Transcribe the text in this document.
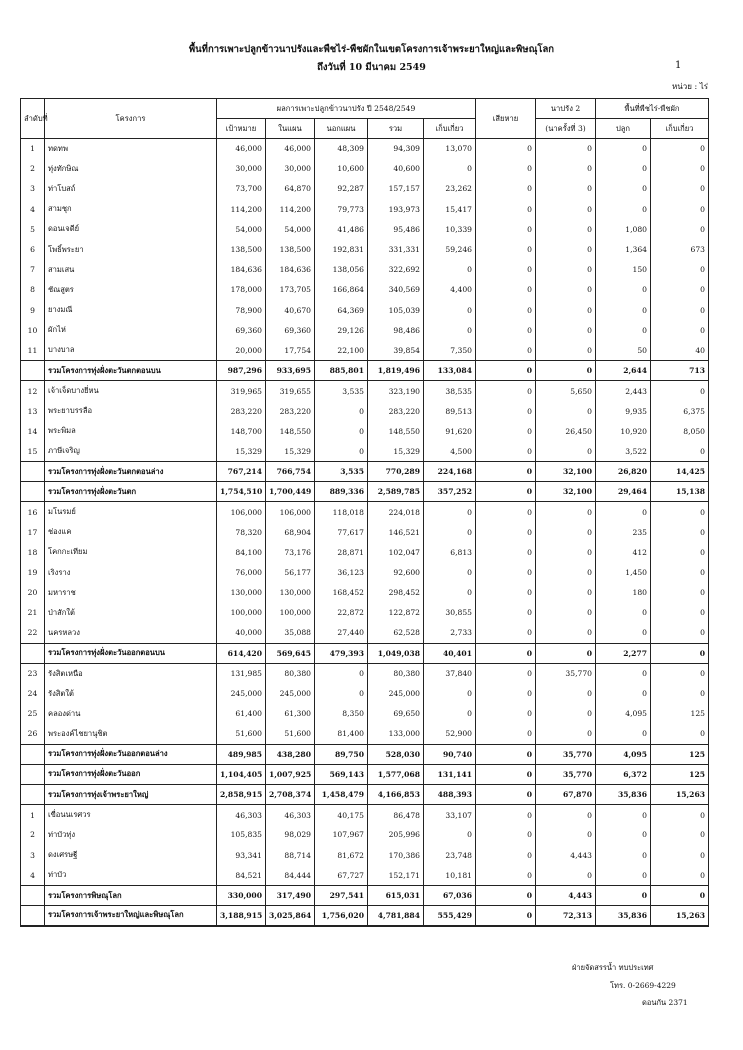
พื้นที่การเพาะปลูกข้าวนาปรังและพืชไร่-พืชผักในเขตโครงการเจ้าพระยาใหญ่และพิษณุโลก
ถึงวันที่ 10 มีนาคม 2549	1
หน่วย : ไร่
ลำดับที่	โครงการ	ผลการเพาะปลูกข้าวนาปรัง ปี 2548/2549					เสียหาย	นาปรัง 2	พื้นที่พืชไร่-พืชผัก	
		เป้าหมาย	ในแผน	นอกแผน	รวม	เก็บเกี่ยว		(นาครั้งที่ 3)	ปลูก	เก็บเกี่ยว
1	ทดทพ	46,000	46,000	48,309	94,309	13,070	0	0	0	0
2	ทุ่งทักษิณ	30,000	30,000	10,600	40,600	0	0	0	0	0
3	ท่าโบสถ์	73,700	64,870	92,287	157,157	23,262	0	0	0	0
4	สามชุก	114,200	114,200	79,773	193,973	15,417	0	0	0	0
5	ดอนเจดีย์	54,000	54,000	41,486	95,486	10,339	0	0	1,080	0
6	โพธิ์พระยา	138,500	138,500	192,831	331,331	59,246	0	0	1,364	673
7	สามเสน	184,636	184,636	138,056	322,692	0	0	0	150	0
8	ชัณสูตร	178,000	173,705	166,864	340,569	4,400	0	0	0	0
9	ยางมณี	78,900	40,670	64,369	105,039	0	0	0	0	0
10	ผักไห่	69,360	69,360	29,126	98,486	0	0	0	0	0
11	บางบาล	20,000	17,754	22,100	39,854	7,350	0	0	50	40
	รวมโครงการทุ่งฝั่งตะวันตกตอนบน	987,296	933,695	885,801	1,819,496	133,084	0	0	2,644	713
12	เจ้าเจ็ดบางยี่หน	319,965	319,655	3,535	323,190	38,535	0	5,650	2,443	0
13	พระยาบรรลือ	283,220	283,220	0	283,220	89,513	0	0	9,935	6,375
14	พระพิมล	148,700	148,550	0	148,550	91,620	0	26,450	10,920	8,050
15	ภาษีเจริญ	15,329	15,329	0	15,329	4,500	0	0	3,522	0
	รวมโครงการทุ่งฝั่งตะวันตกตอนล่าง	767,214	766,754	3,535	770,289	224,168	0	32,100	26,820	14,425
	รวมโครงการทุ่งฝั่งตะวันตก	1,754,510	1,700,449	889,336	2,589,785	357,252	0	32,100	29,464	15,138
16	มโนรมย์	106,000	106,000	118,018	224,018	0	0	0	0	0
17	ช่องแค	78,320	68,904	77,617	146,521	0	0	0	235	0
18	โคกกะเทียม	84,100	73,176	28,871	102,047	6,813	0	0	412	0
19	เริงราง	76,000	56,177	36,123	92,600	0	0	0	1,450	0
20	มหาราช	130,000	130,000	168,452	298,452	0	0	0	180	0
21	ป่าสักใต้	100,000	100,000	22,872	122,872	30,855	0	0	0	0
22	นครหลวง	40,000	35,088	27,440	62,528	2,733	0	0	0	0
	รวมโครงการทุ่งฝั่งตะวันออกตอนบน	614,420	569,645	479,393	1,049,038	40,401	0	0	2,277	0
23	รังสิตเหนือ	131,985	80,380	0	80,380	37,840	0	35,770	0	0
24	รังสิตใต้	245,000	245,000	0	245,000	0	0	0	0	0
25	คลองด่าน	61,400	61,300	8,350	69,650	0	0	0	4,095	125
26	พระองค์ไชยานุชิต	51,600	51,600	81,400	133,000	52,900	0	0	0	0
	รวมโครงการทุ่งฝั่งตะวันออกตอนล่าง	489,985	438,280	89,750	528,030	90,740	0	35,770	4,095	125
	รวมโครงการทุ่งฝั่งตะวันออก	1,104,405	1,007,925	569,143	1,577,068	131,141	0	35,770	6,372	125
	รวมโครงการทุ่งเจ้าพระยาใหญ่	2,858,915	2,708,374	1,458,479	4,166,853	488,393	0	67,870	35,836	15,263
1	เขื่อนนเรศวร	46,303	46,303	40,175	86,478	33,107	0	0	0	0
2	ท่าบัวทุ่ง	105,835	98,029	107,967	205,996	0	0	0	0	0
3	ดงเศรษฐี	93,341	88,714	81,672	170,386	23,748	0	4,443	0	0
4	ท่าบัว	84,521	84,444	67,727	152,171	10,181	0	0	0	0
	รวมโครงการพิษณุโลก	330,000	317,490	297,541	615,031	67,036	0	4,443	0	0
	รวมโครงการเจ้าพระยาใหญ่และพิษณุโลก	3,188,915	3,025,864	1,756,020	4,781,884	555,429	0	72,313	35,836	15,263
ฝ่ายจัดสรรน้ำ ทบประเทศ
โทร. 0-2669-4229
ดอนกัน 2371
